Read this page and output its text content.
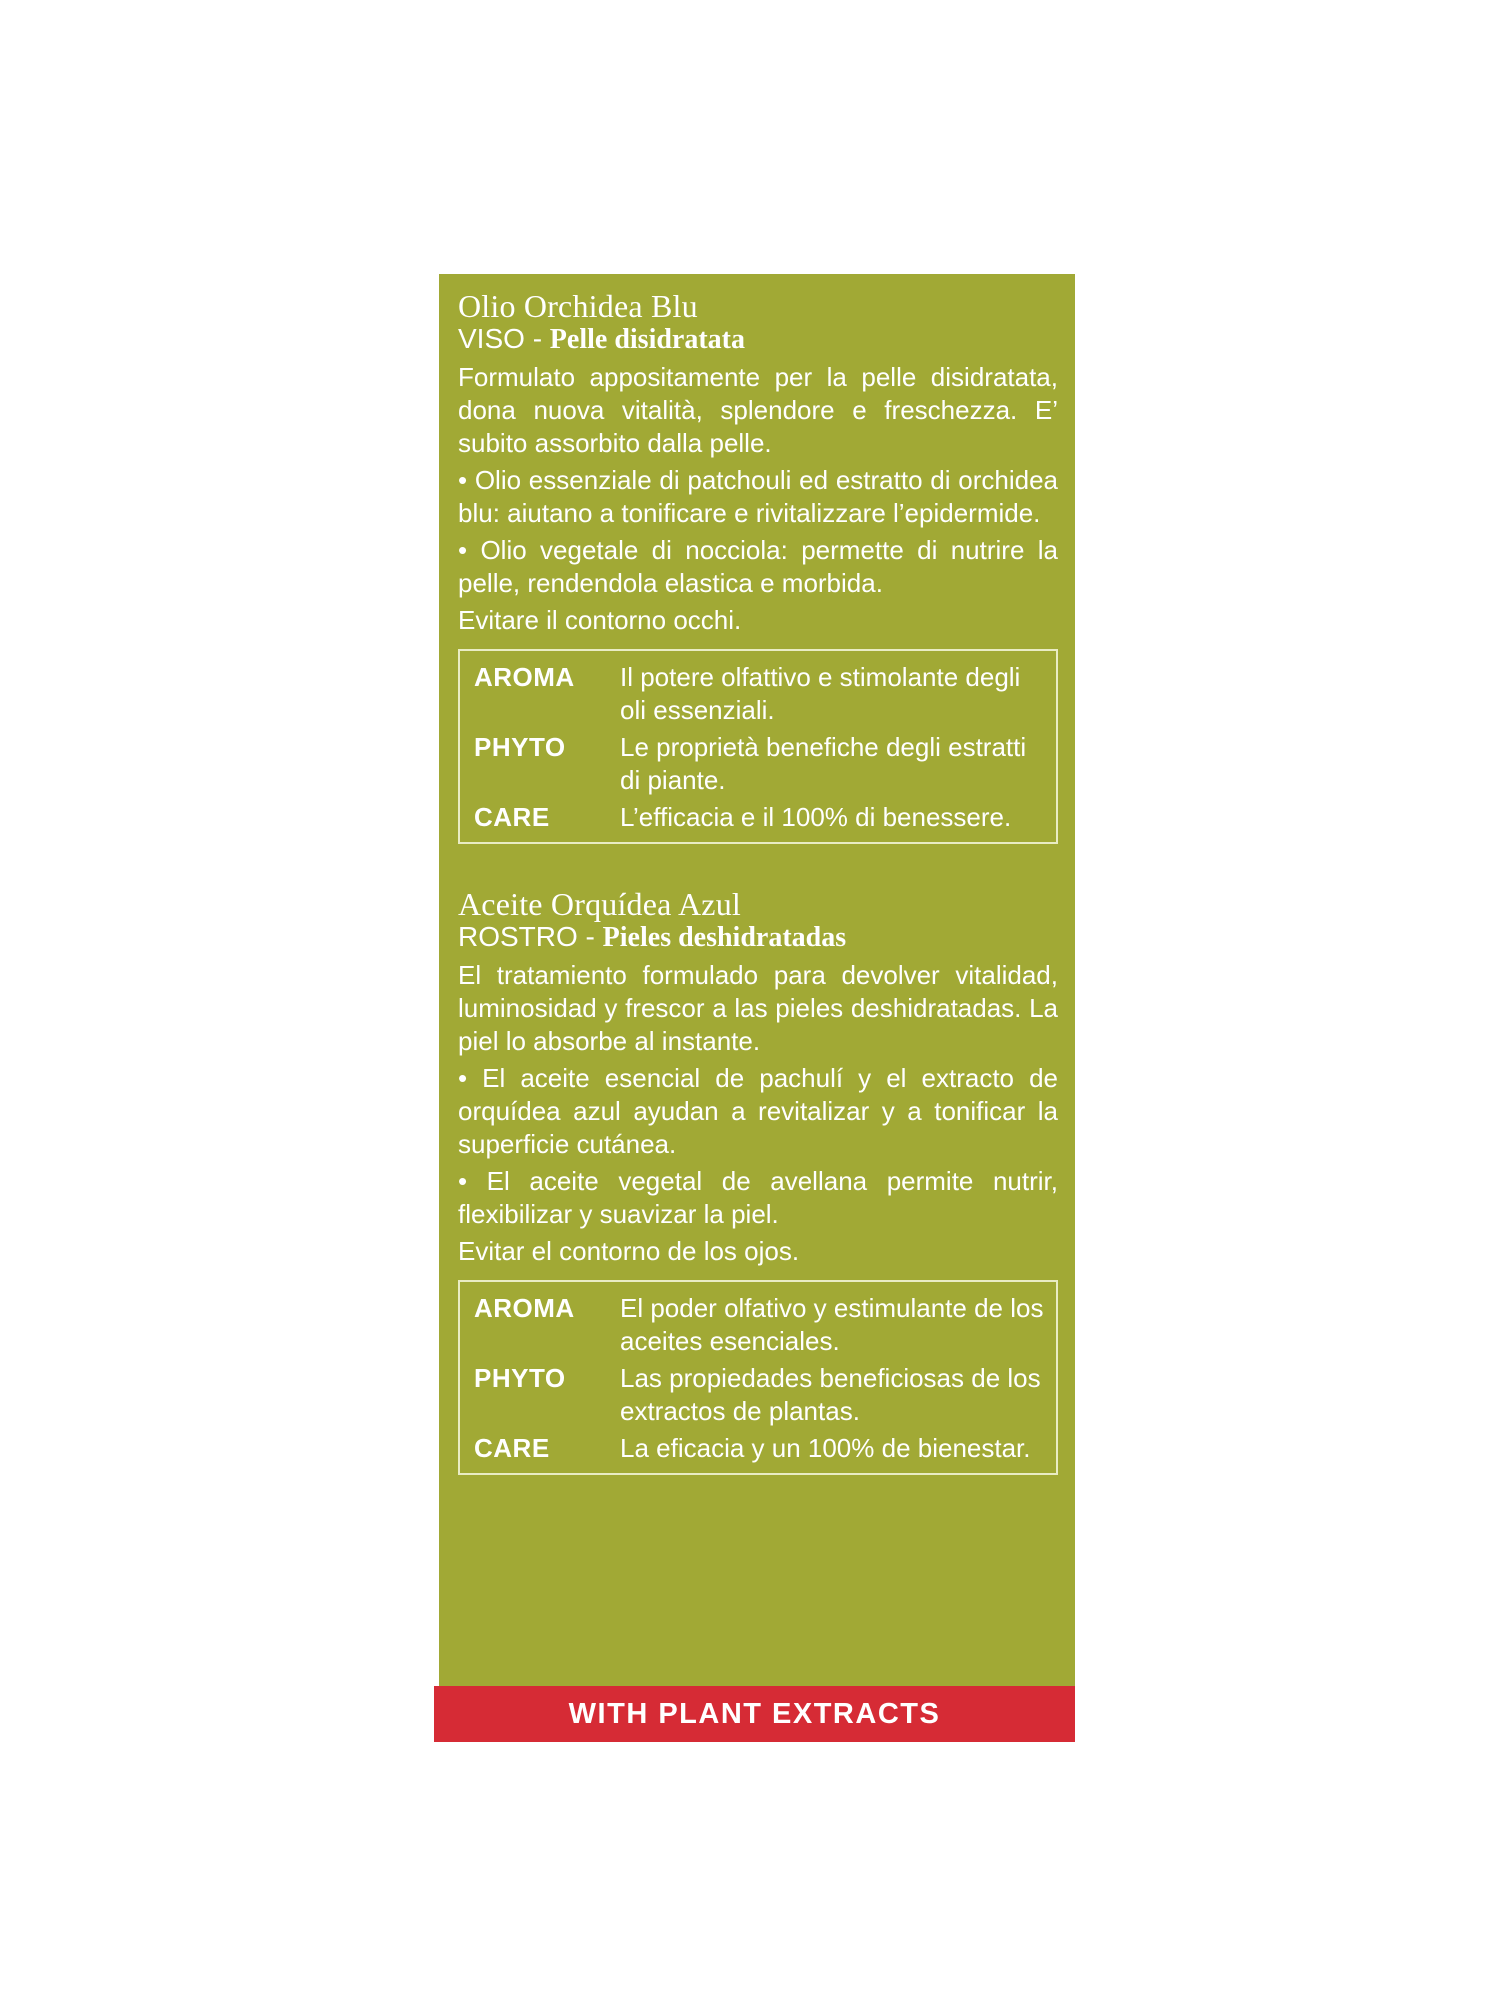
Olio Orchidea Blu
VISO - Pelle disidratata

Formulato appositamente per la pelle disidratata, dona nuova vitalità, splendore e freschezza. E’ subito assorbito dalla pelle.

• Olio essenziale di patchouli ed estratto di orchidea blu: aiutano a tonificare e rivitalizzare l’epidermide.

• Olio vegetale di nocciola: permette di nutrire la pelle, rendendola elastica e morbida.

Evitare il contorno occhi.

AROMA	Il potere olfattivo e stimolante degli oli essenziali.
PHYTO	Le proprietà benefiche degli estratti di piante.
CARE	L’efficacia e il 100% di benessere.
Aceite Orquídea Azul
ROSTRO - Pieles deshidratadas

El tratamiento formulado para devolver vitalidad, luminosidad y frescor a las pieles deshidratadas. La piel lo absorbe al instante.

• El aceite esencial de pachulí y el extracto de orquídea azul ayudan a revitalizar y a tonificar la superficie cutánea.

• El aceite vegetal de avellana permite nutrir, flexibilizar y suavizar la piel.

Evitar el contorno de los ojos.

AROMA	El poder olfativo y estimulante de los aceites esenciales.
PHYTO	Las propiedades beneficiosas de los extractos de plantas.
CARE	La eficacia y un 100% de bienestar.
WITH PLANT EXTRACTS
